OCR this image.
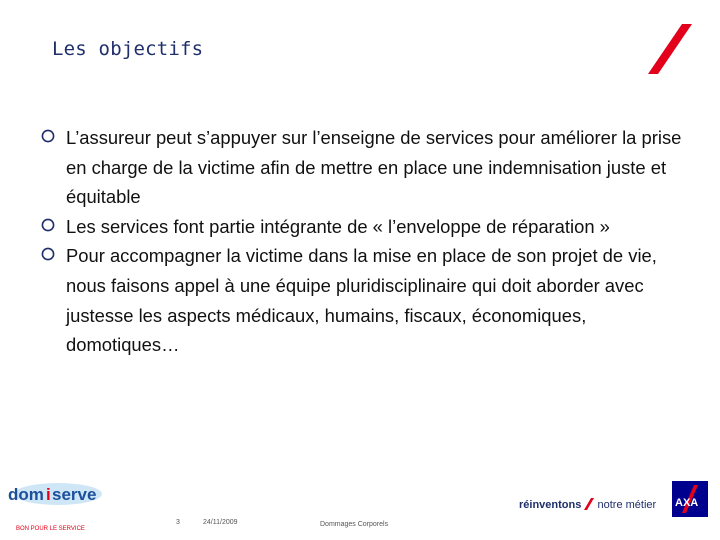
Les objectifs
L’assureur peut s’appuyer sur l’enseigne de services pour améliorer la prise en charge de la victime afin de mettre en place une indemnisation juste et équitable
Les services font partie intégrante de « l’enveloppe de réparation »
Pour accompagner la victime dans la mise en place de son projet de vie, nous faisons appel à une équipe pluridisciplinaire qui doit aborder avec justesse les aspects médicaux, humains, fiscaux, économiques, domotiques…
dom i serve
BON POUR LE SERVICE
3	24/11/2009	Dommages Corporels
réinventons notre métier AXA
